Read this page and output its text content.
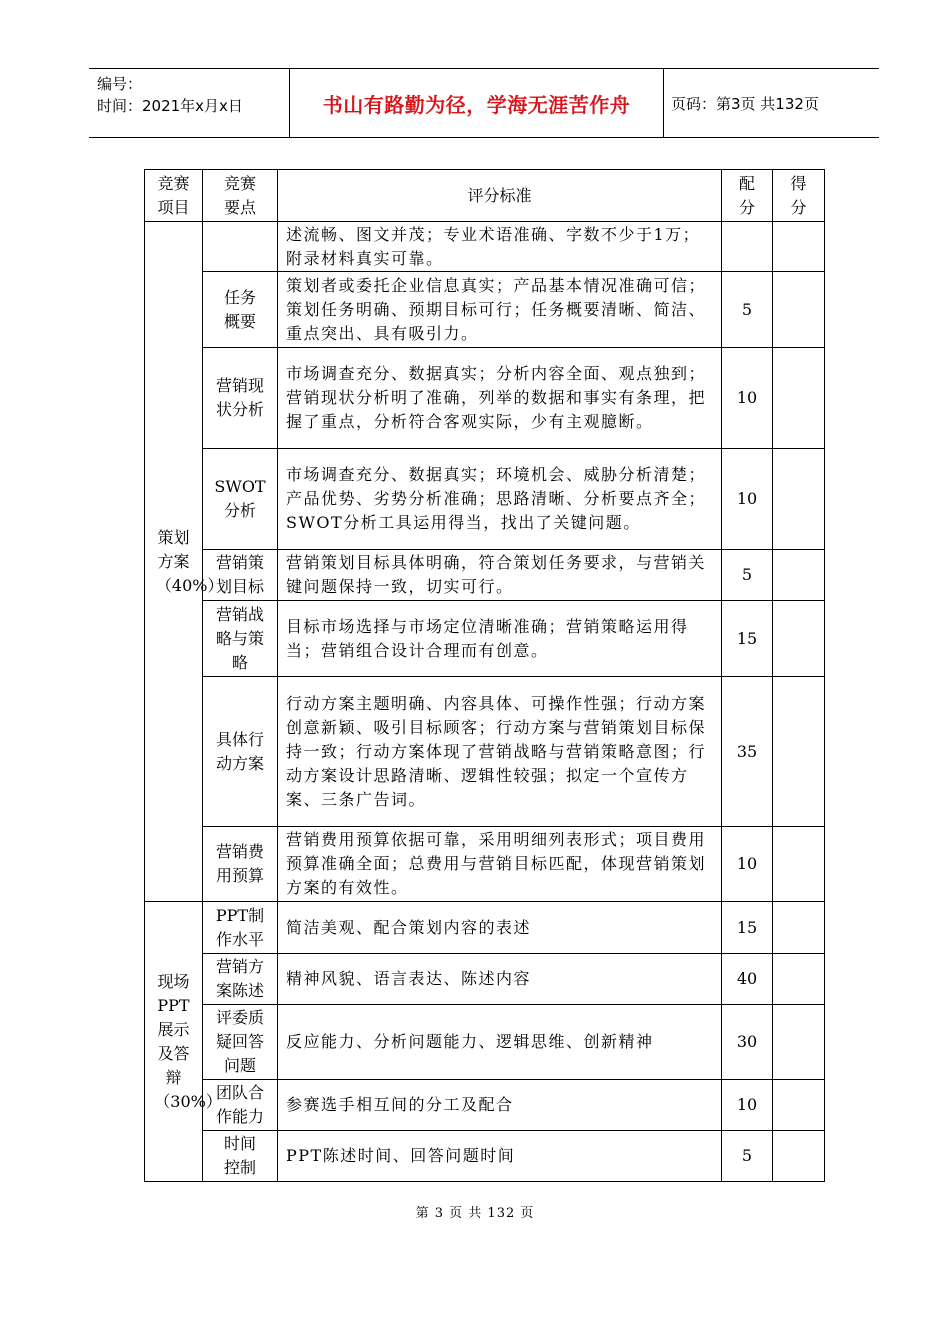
编号：
时间：2021年x月x日	书山有路勤为径，学海无涯苦作舟	页码：第3页 共132页
竞赛项目	竞赛要点	评分标准	配分	得分

策划方案（40%）		述流畅、图文并茂；专业术语准确、字数不少于1万；附录材料真实可靠。		

	任务概要	策划者或委托企业信息真实；产品基本情况准确可信；策划任务明确、预期目标可行；任务概要清晰、简洁、重点突出、具有吸引力。	5	

	营销现状分析	市场调查充分、数据真实；分析内容全面、观点独到；营销现状分析明了准确，列举的数据和事实有条理，把握了重点，分析符合客观实际，少有主观臆断。	10	

	SWOT分析	市场调查充分、数据真实；环境机会、威胁分析清楚；产品优势、劣势分析准确；思路清晰、分析要点齐全；SWOT分析工具运用得当，找出了关键问题。	10	

	营销策划目标	营销策划目标具体明确，符合策划任务要求，与营销关键问题保持一致，切实可行。	5	

	营销战略与策略	目标市场选择与市场定位清晰准确；营销策略运用得当；营销组合设计合理而有创意。	15	

	具体行动方案	行动方案主题明确、内容具体、可操作性强；行动方案创意新颖、吸引目标顾客；行动方案与营销策划目标保持一致；行动方案体现了营销战略与营销策略意图；行动方案设计思路清晰、逻辑性较强；拟定一个宣传方案、三条广告词。	35	

	营销费用预算	营销费用预算依据可靠，采用明细列表形式；项目费用预算准确全面；总费用与营销目标匹配，体现营销策划方案的有效性。	10	

现场PPT展示及答辩（30%）	PPT制作水平	简洁美观、配合策划内容的表述	15	

	营销方案陈述	精神风貌、语言表达、陈述内容	40	

	评委质疑回答问题	反应能力、分析问题能力、逻辑思维、创新精神	30	

	团队合作能力	参赛选手相互间的分工及配合	10	

	时间控制	PPT陈述时间、回答问题时间	5	
第 3 页 共 132 页
